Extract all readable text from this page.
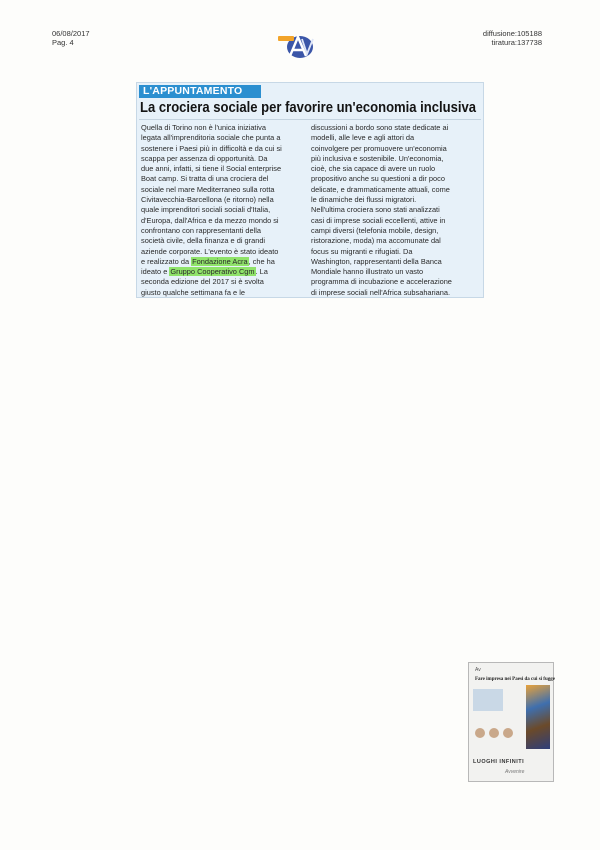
06/08/2017
Pag. 4
diffusione:105188
tiratura:137738
L'APPUNTAMENTO
La crociera sociale per favorire un'economia inclusiva
Quella di Torino non è l'unica iniziativa
legata all'imprenditoria sociale che punta a
sostenere i Paesi più in difficoltà e da cui si
scappa per assenza di opportunità. Da
due anni, infatti, si tiene il Social enterprise
Boat camp. Si tratta di una crociera del
sociale nel mare Mediterraneo sulla rotta
Civitavecchia-Barcellona (e ritorno) nella
quale imprenditori sociali sociali d'Italia,
d'Europa, dall'Africa e da mezzo mondo si
confrontano con rappresentanti della
società civile, della finanza e di grandi
aziende corporate. L'evento è stato ideato
e realizzato da Fondazione Acra, che ha
ideato e Gruppo Cooperativo Cgm. La
seconda edizione del 2017 si è svolta
giusto qualche settimana fa e le
discussioni a bordo sono state dedicate ai
modelli, alle leve e agli attori da
coinvolgere per promuovere un'economia
più inclusiva e sostenibile. Un'economia,
cioè, che sia capace di avere un ruolo
propositivo anche su questioni a dir poco
delicate, e drammaticamente attuali, come
le dinamiche dei flussi migratori.
Nell'ultima crociera sono stati analizzati
casi di imprese sociali eccellenti, attive in
campi diversi (telefonia mobile, design,
ristorazione, moda) ma accomunate dal
focus su migranti e rifugiati. Da
Washington, rappresentanti della Banca
Mondiale hanno illustrato un vasto
programma di incubazione e accelerazione
di imprese sociali nell'Africa subsahariana.
Av
Fare impresa nei Paesi da cui si fugge
LUOGHI INFINITI
Avvenire
